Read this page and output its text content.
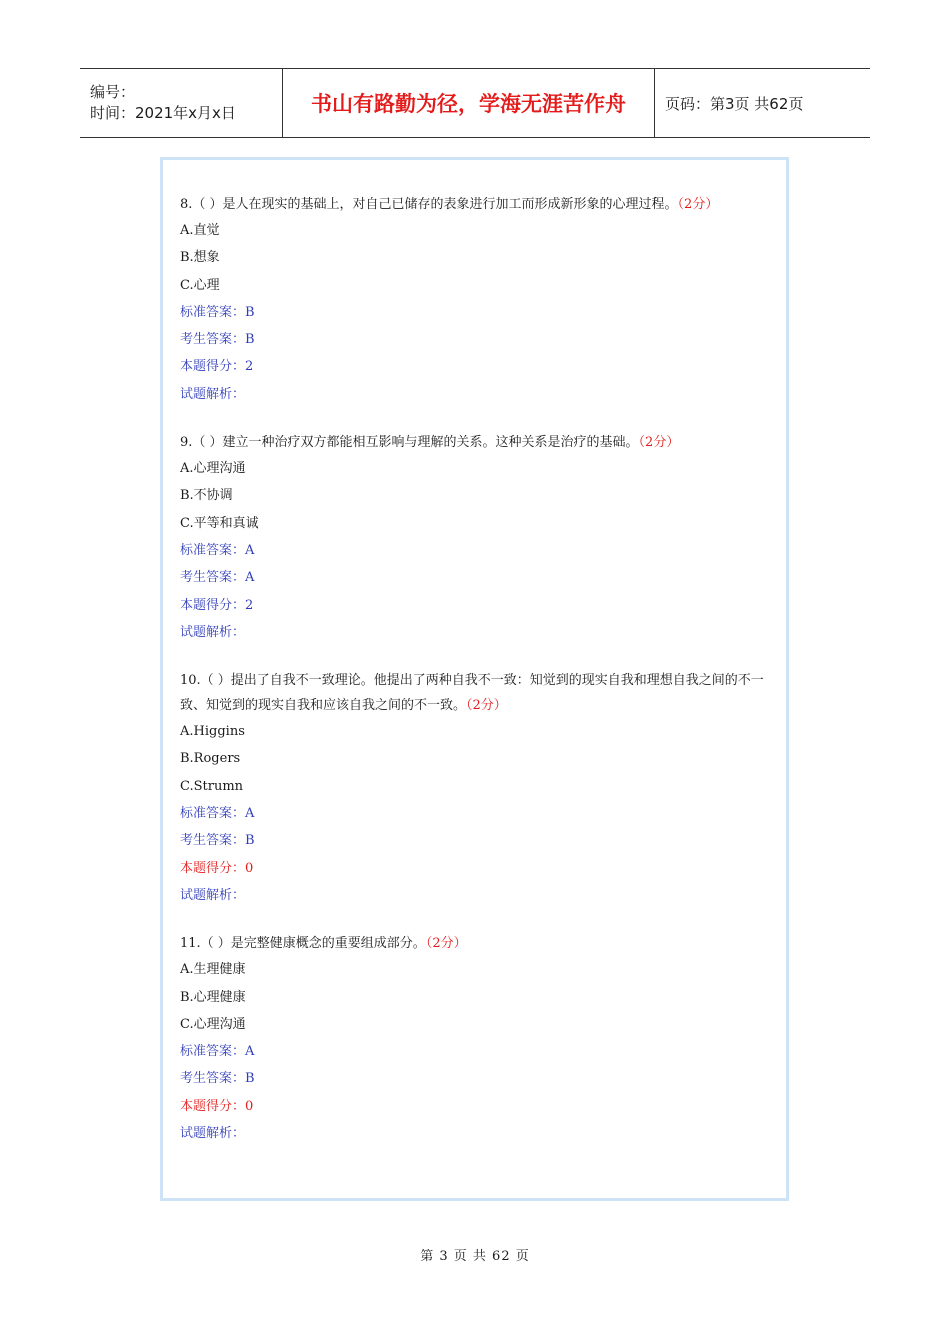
编号：
时间：2021年x月x日	书山有路勤为径，学海无涯苦作舟	页码：第3页 共62页
8.（ ）是人在现实的基础上，对自己已储存的表象进行加工而形成新形象的心理过程。（2分）
A.直觉
B.想象
C.心理
标准答案：B
考生答案：B
本题得分：2
试题解析：
9.（ ）建立一种治疗双方都能相互影响与理解的关系。这种关系是治疗的基础。（2分）
A.心理沟通
B.不协调
C.平等和真诚
标准答案：A
考生答案：A
本题得分：2
试题解析：
10.（ ）提出了自我不一致理论。他提出了两种自我不一致：知觉到的现实自我和理想自我之间的不一致、知觉到的现实自我和应该自我之间的不一致。（2分）
A.Higgins
B.Rogers
C.Strumn
标准答案：A
考生答案：B
本题得分：0
试题解析：
11.（ ）是完整健康概念的重要组成部分。（2分）
A.生理健康
B.心理健康
C.心理沟通
标准答案：A
考生答案：B
本题得分：0
试题解析：
第 3 页 共 62 页
